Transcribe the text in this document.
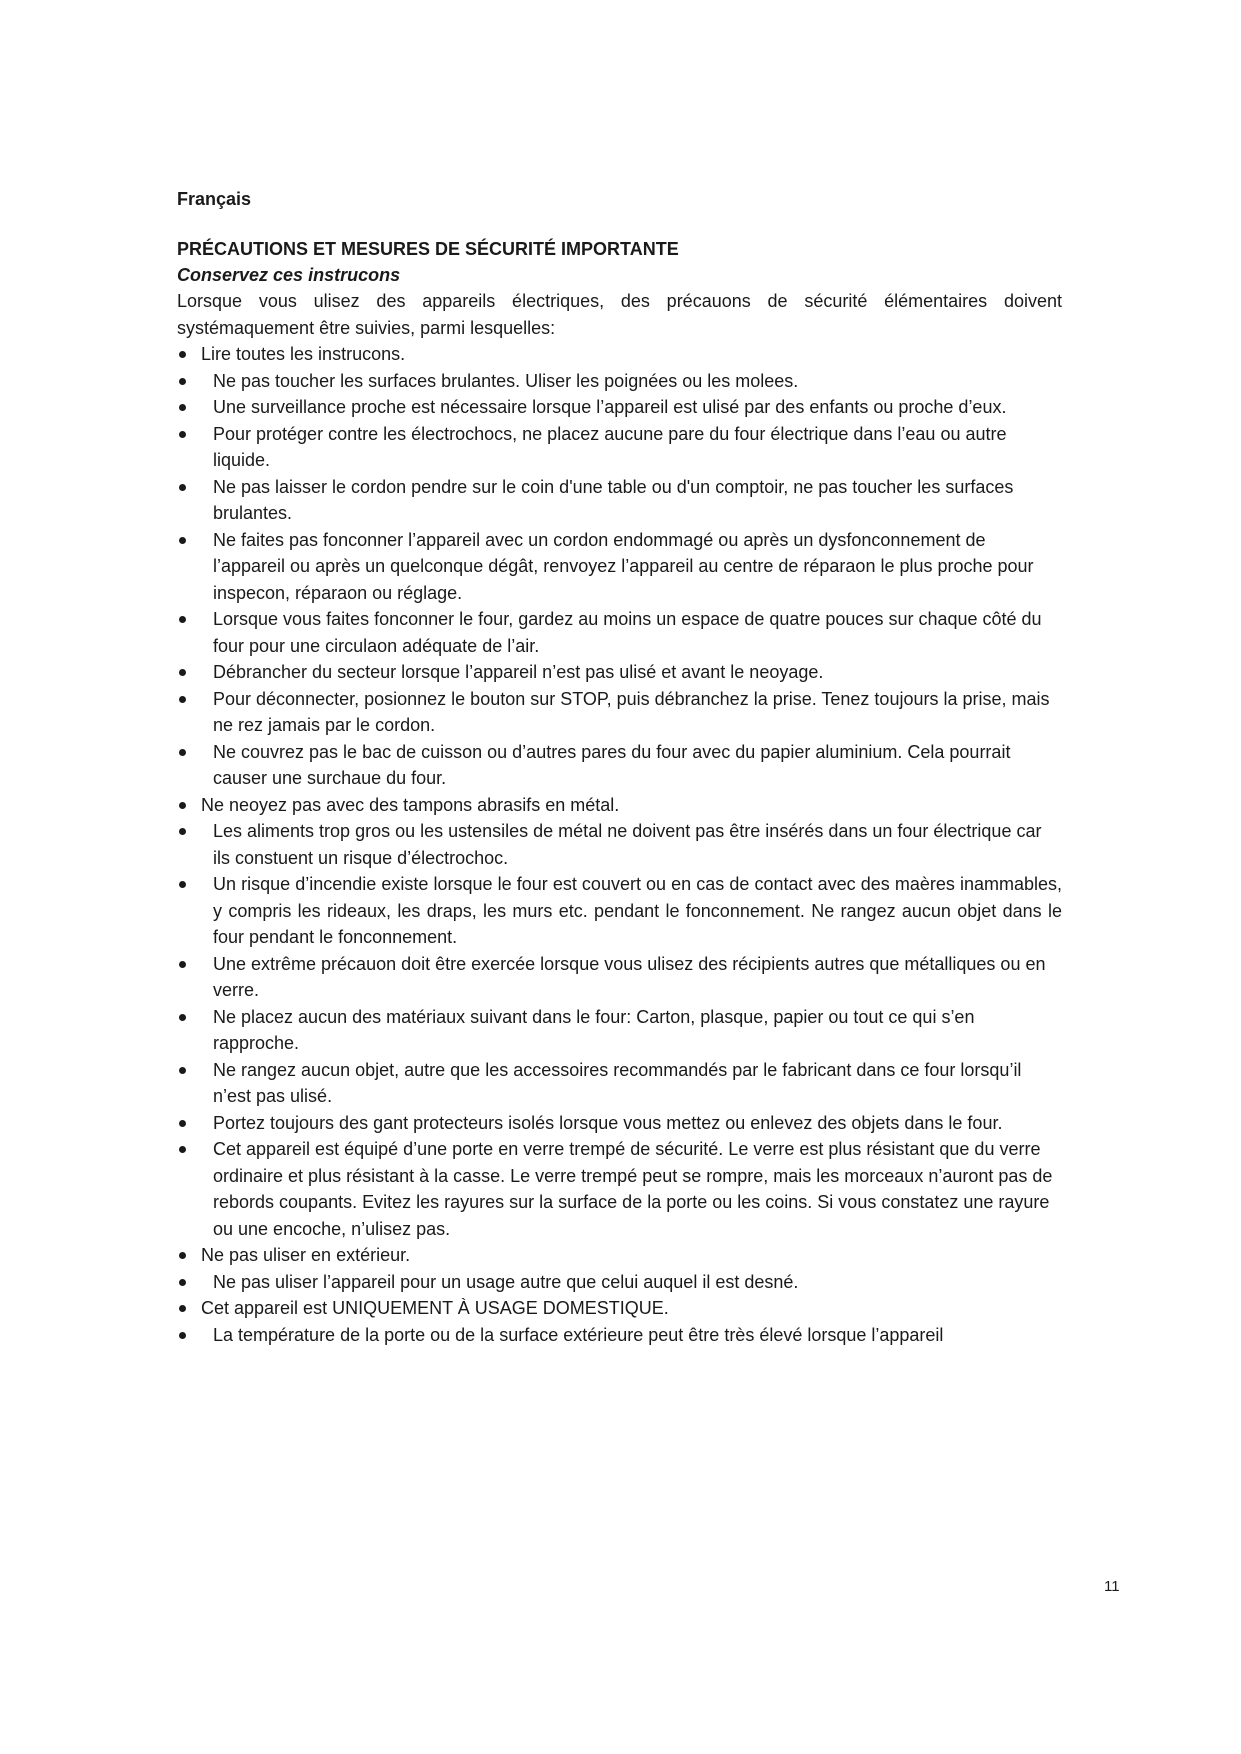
Français

PRÉCAUTIONS ET MESURES DE SÉCURITÉ IMPORTANTE

Conservez ces instrucons

Lorsque vous ulisez des appareils électriques, des précauons de sécurité élémentaires doivent systémaquement être suivies, parmi lesquelles:

Lire toutes les instrucons.
Ne pas toucher les surfaces brulantes. Uliser les poignées ou les molees.
Une surveillance proche est nécessaire lorsque l’appareil est ulisé par des enfants ou proche d’eux.
Pour protéger contre les électrochocs, ne placez aucune pare du four électrique dans l’eau ou autre liquide.
Ne pas laisser le cordon pendre sur le coin d'une table ou d'un comptoir, ne pas toucher les surfaces brulantes.
Ne faites pas fonconner l’appareil avec un cordon endommagé ou après un dysfonconnement de l’appareil ou après un quelconque dégât, renvoyez l’appareil au centre de réparaon le plus proche pour inspecon, réparaon ou réglage.
Lorsque vous faites fonconner le four, gardez au moins un espace de quatre pouces sur chaque côté du four pour une circulaon adéquate de l’air.
Débrancher du secteur lorsque l’appareil n’est pas ulisé et avant le neoyage.
Pour déconnecter, posionnez le bouton sur STOP, puis débranchez la prise. Tenez toujours la prise, mais ne rez jamais par le cordon.
Ne couvrez pas le bac de cuisson ou d’autres pares du four avec du papier aluminium. Cela pourrait causer une surchaue du four.
Ne neoyez pas avec des tampons abrasifs en métal.
Les aliments trop gros ou les ustensiles de métal ne doivent pas être insérés dans un four électrique car ils constuent un risque d’électrochoc.
Un risque d’incendie existe lorsque le four est couvert ou en cas de contact avec des maères inammables, y compris les rideaux, les draps, les murs etc. pendant le fonconnement. Ne rangez aucun objet dans le four pendant le fonconnement.
Une extrême précauon doit être exercée lorsque vous ulisez des récipients autres que métalliques ou en verre.
Ne placez aucun des matériaux suivant dans le four: Carton, plasque, papier ou tout ce qui s’en rapproche.
Ne rangez aucun objet, autre que les accessoires recommandés par le fabricant dans ce four lorsqu’il n’est pas ulisé.
Portez toujours des gant protecteurs isolés lorsque vous mettez ou enlevez des objets dans le four.
Cet appareil est équipé d’une porte en verre trempé de sécurité. Le verre est plus résistant que du verre ordinaire et plus résistant à la casse. Le verre trempé peut se rompre, mais les morceaux n’auront pas de rebords coupants. Evitez les rayures sur la surface de la porte ou les coins. Si vous constatez une rayure ou une encoche, n’ulisez pas.
Ne pas uliser en extérieur.
Ne pas uliser l’appareil pour un usage autre que celui auquel il est desné.
Cet appareil est UNIQUEMENT À USAGE DOMESTIQUE.
La température de la porte ou de la surface extérieure peut être très élevé lorsque l’appareil
11
